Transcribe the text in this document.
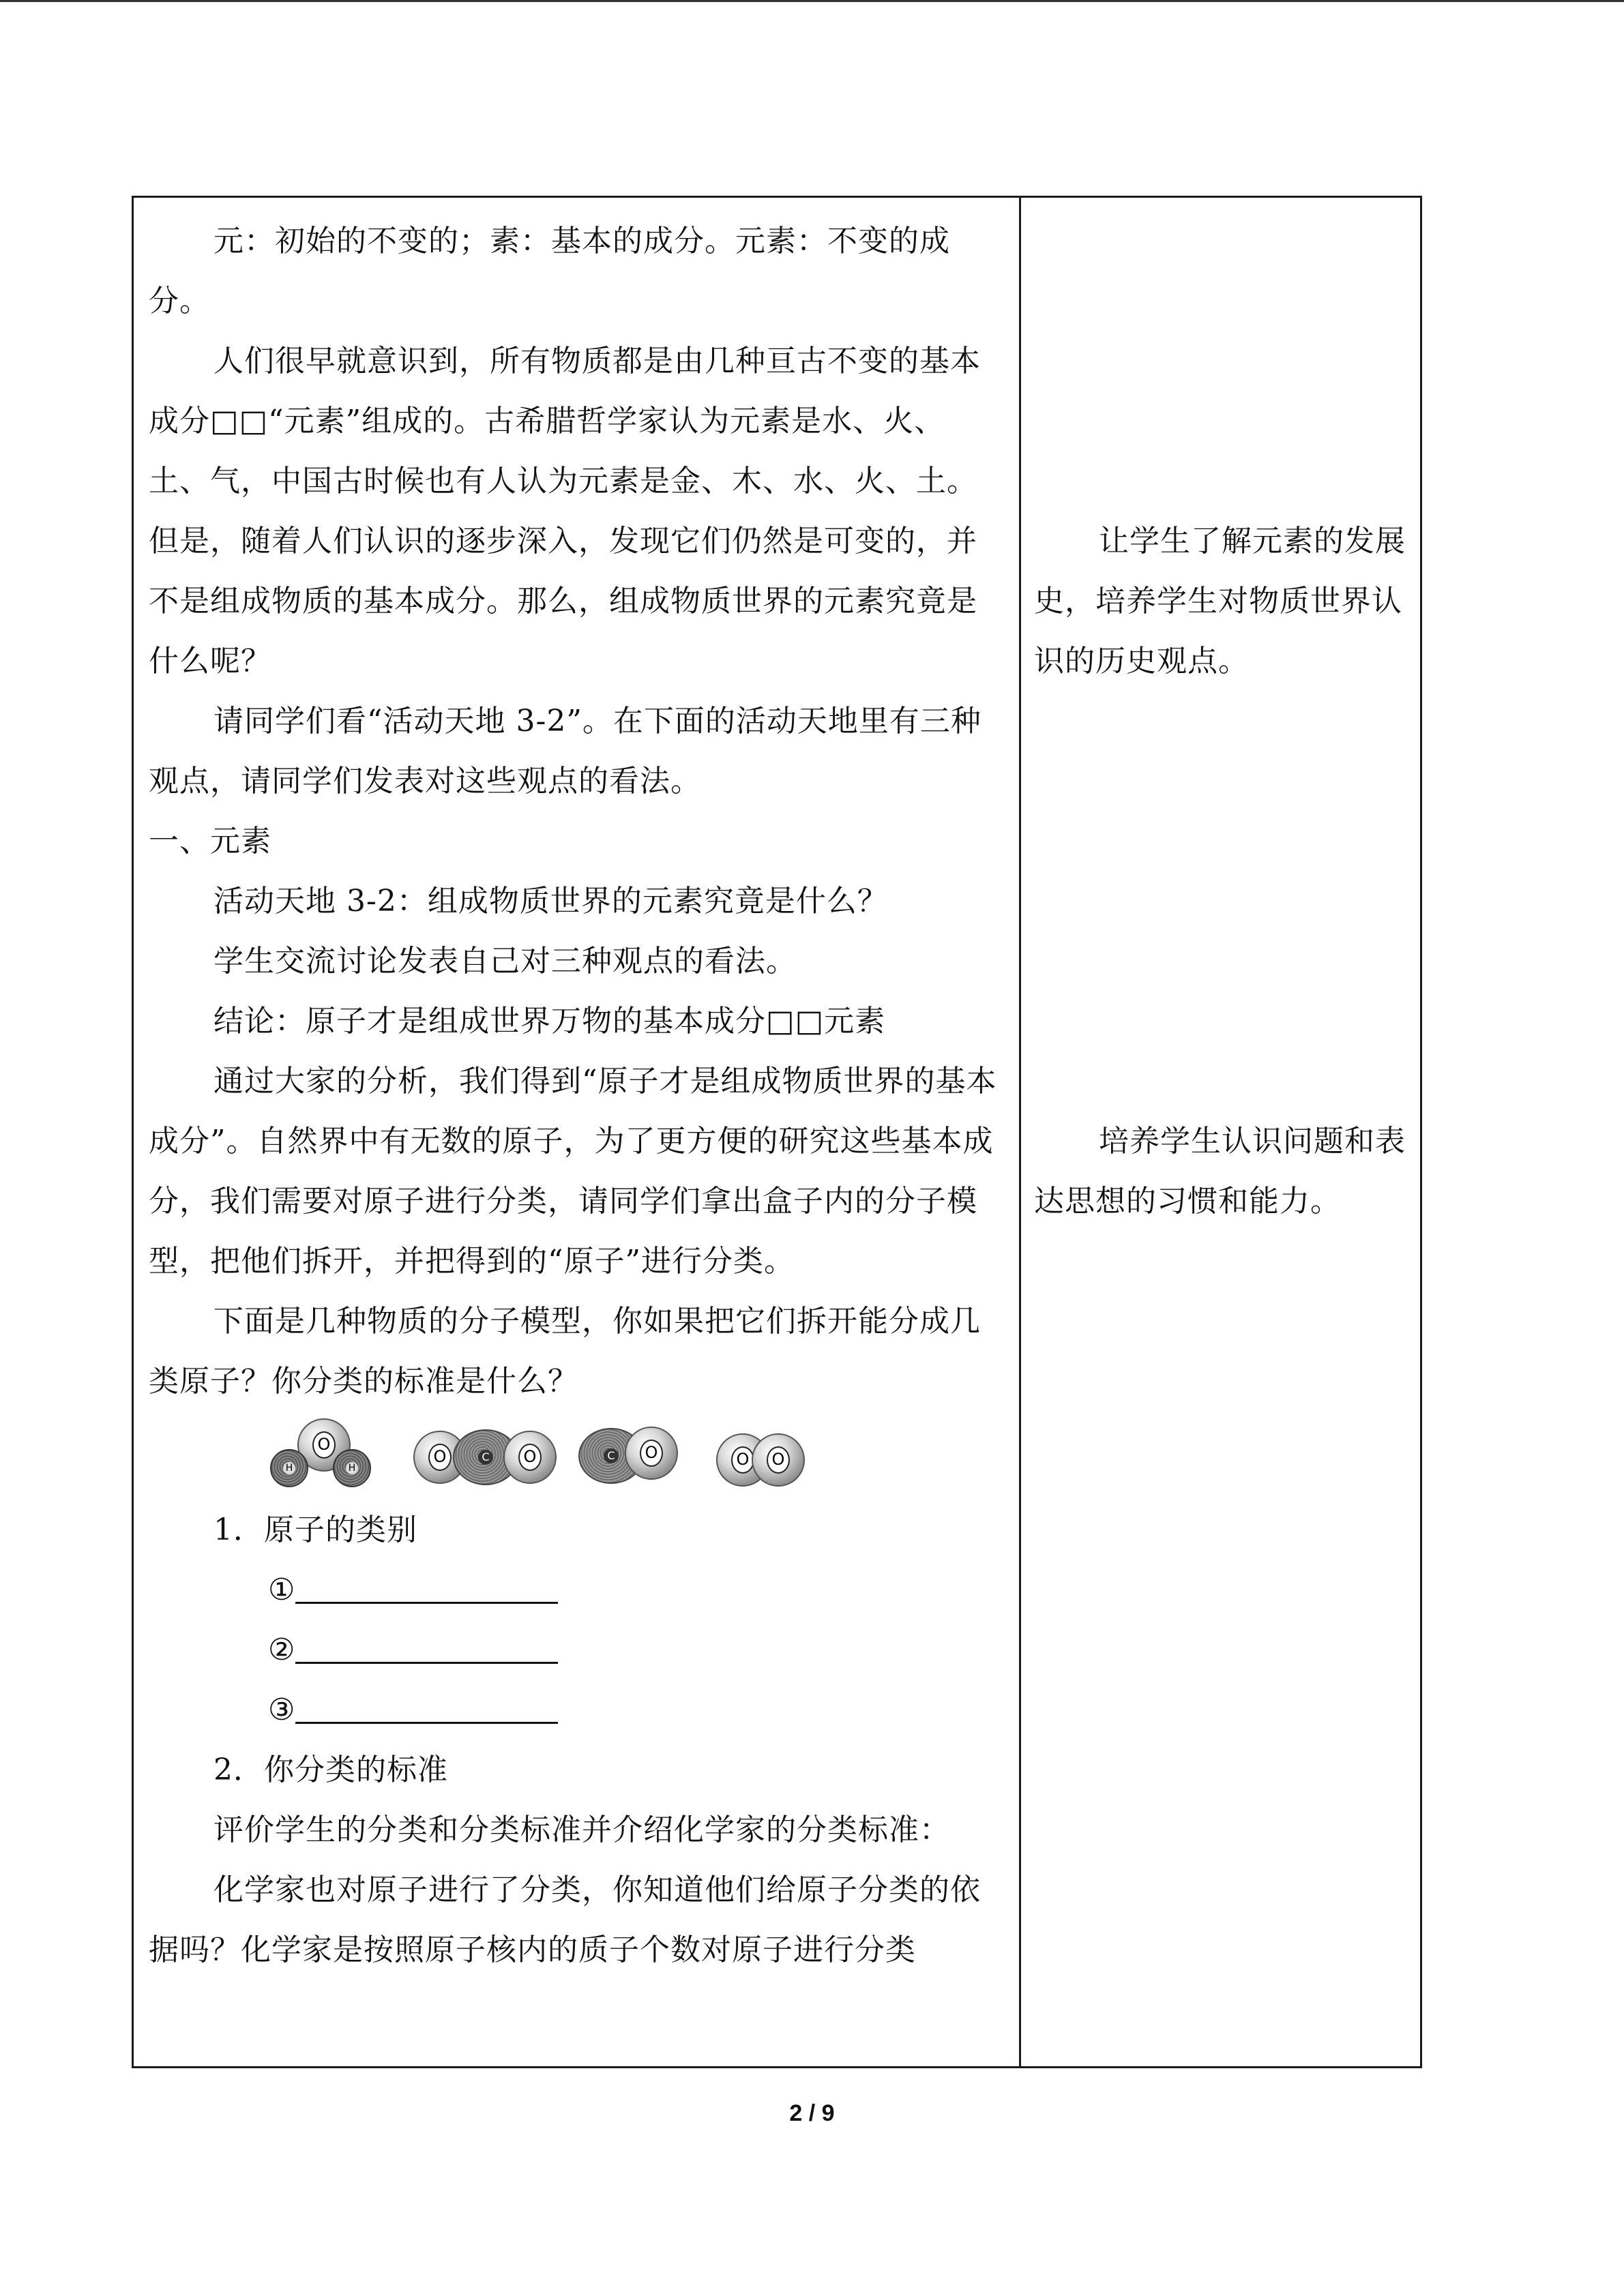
元：初始的不变的；素：基本的成分。元素：不变的成分。

人们很早就意识到，所有物质都是由几种亘古不变的基本成分□□“元素”组成的。古希腊哲学家认为元素是水、火、土、气，中国古时候也有人认为元素是金、木、水、火、土。但是，随着人们认识的逐步深入，发现它们仍然是可变的，并不是组成物质的基本成分。那么，组成物质世界的元素究竟是什么呢？

请同学们看“活动天地 3-2”。在下面的活动天地里有三种观点，请同学们发表对这些观点的看法。

一、元素

活动天地 3-2：组成物质世界的元素究竟是什么？

学生交流讨论发表自己对三种观点的看法。

结论：原子才是组成世界万物的基本成分□□元素

通过大家的分析，我们得到“原子才是组成物质世界的基本成分”。自然界中有无数的原子，为了更方便的研究这些基本成分，我们需要对原子进行分类，请同学们拿出盒子内的分子模型，把他们拆开，并把得到的“原子”进行分类。

下面是几种物质的分子模型，你如果把它们拆开能分成几类原子？你分类的标准是什么？

O
H	H
O	C	O	C	O	O	O

1．原子的类别

①

②

③

2．你分类的标准

评价学生的分类和分类标准并介绍化学家的分类标准：

化学家也对原子进行了分类，你知道他们给原子分类的依据吗？化学家是按照原子核内的质子个数对原子进行分类

让学生了解元素的发展史，培养学生对物质世界认识的历史观点。

培养学生认识问题和表达思想的习惯和能力。

2 / 9
